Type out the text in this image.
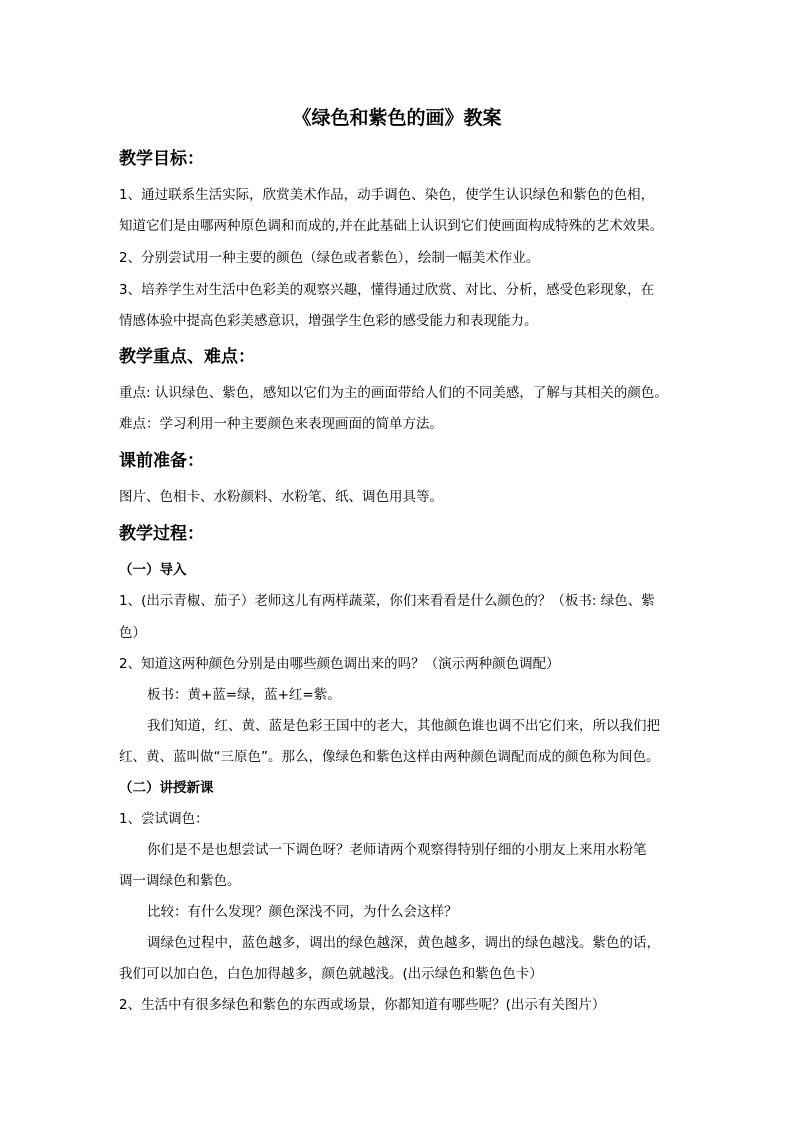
《绿色和紫色的画》教案
教学目标：
1、通过联系生活实际，欣赏美术作品，动手调色、染色，使学生认识绿色和紫色的色相，
知道它们是由哪两种原色调和而成的,并在此基础上认识到它们使画面构成特殊的艺术效果。
2、分别尝试用一种主要的颜色（绿色或者紫色），绘制一幅美术作业。
3、培养学生对生活中色彩美的观察兴趣，懂得通过欣赏、对比、分析，感受色彩现象，在
情感体验中提高色彩美感意识，增强学生色彩的感受能力和表现能力。
教学重点、难点：
重点: 认识绿色、紫色，感知以它们为主的画面带给人们的不同美感，了解与其相关的颜色。
难点：学习利用一种主要颜色来表现画面的简单方法。
课前准备：
图片、色相卡、水粉颜料、水粉笔、纸、调色用具等。
教学过程：
（一）导入
1、(出示青椒、茄子）老师这儿有两样蔬菜，你们来看看是什么颜色的？（板书: 绿色、紫
色）
2、知道这两种颜色分别是由哪些颜色调出来的吗？（演示两种颜色调配）
板书：黄+蓝=绿，蓝+红=紫。
我们知道，红、黄、蓝是色彩王国中的老大，其他颜色谁也调不出它们来，所以我们把
红、黄、蓝叫做“三原色”。那么，像绿色和紫色这样由两种颜色调配而成的颜色称为间色。
（二）讲授新课
1、尝试调色：
你们是不是也想尝试一下调色呀？老师请两个观察得特别仔细的小朋友上来用水粉笔
调一调绿色和紫色。
比较：有什么发现？颜色深浅不同，为什么会这样？
调绿色过程中，蓝色越多，调出的绿色越深，黄色越多，调出的绿色越浅。紫色的话，
我们可以加白色，白色加得越多，颜色就越浅。(出示绿色和紫色色卡）
2、生活中有很多绿色和紫色的东西或场景，你都知道有哪些呢？(出示有关图片）
